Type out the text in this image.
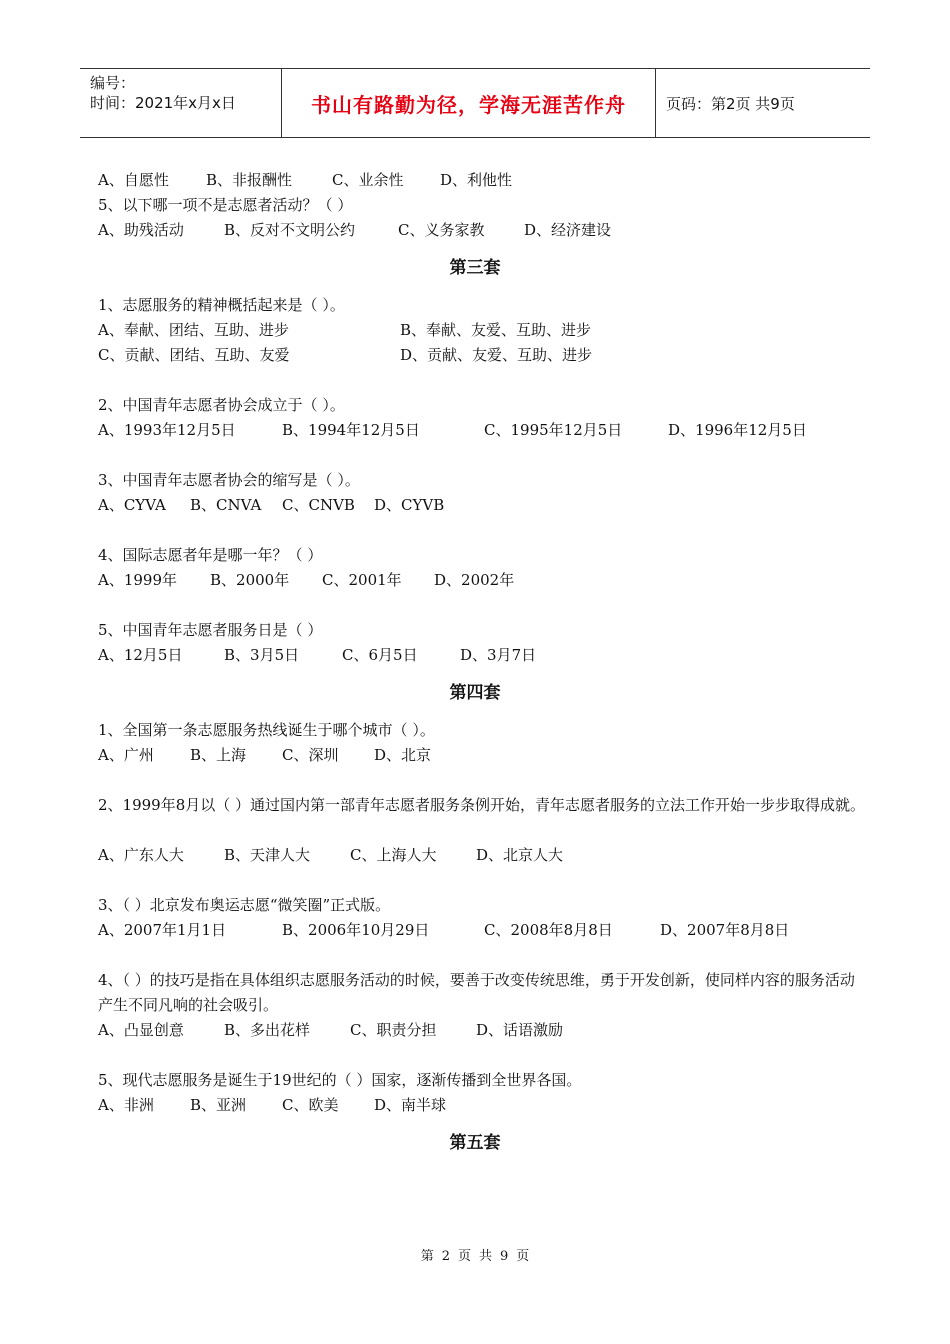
编号：
时间：2021年x月x日	书山有路勤为径，学海无涯苦作舟	页码：第2页 共9页
A、自愿性 B、非报酬性	C、业余性 D、利他性
5、以下哪一项不是志愿者活动？（ ）
A、助残活动	B、反对不文明公约	C、义务家教	D、经济建设
第三套
1、志愿服务的精神概括起来是（ ）。
A、奉献、团结、互助、进步	B、奉献、友爱、互助、进步
C、贡献、团结、互助、友爱	D、贡献、友爱、互助、进步
2、中国青年志愿者协会成立于（ ）。
A、1993年12月5日	B、1994年12月5日	C、1995年12月5日	D、1996年12月5日
3、中国青年志愿者协会的缩写是（ ）。
A、CYVA B、CNVA C、CNVB D、CYVB
4、国际志愿者年是哪一年？（ ）
A、1999年 B、2000年 C、2001年 D、2002年
5、中国青年志愿者服务日是（ ）
A、12月5日	B、3月5日	C、6月5日	D、3月7日
第四套
1、全国第一条志愿服务热线诞生于哪个城市（ ）。
A、广州 B、上海 C、深圳 D、北京
2、1999年8月以（ ）通过国内第一部青年志愿者服务条例开始，青年志愿者服务的立法工作开始一步步取得成就。
A、广东人大	B、天津人大	C、上海人大	D、北京人大
3、（ ）北京发布奥运志愿“微笑圈”正式版。
A、2007年1月1日	B、2006年10月29日	C、2008年8月8日	D、2007年8月8日
4、（ ）的技巧是指在具体组织志愿服务活动的时候，要善于改变传统思维，勇于开发创新，使同样内容的服务活动产生不同凡响的社会吸引。
A、凸显创意	B、多出花样	C、职责分担	D、话语激励
5、现代志愿服务是诞生于19世纪的（ ）国家，逐渐传播到全世界各国。
A、非洲 B、亚洲 C、欧美 D、南半球
第五套
第 2 页 共 9 页
